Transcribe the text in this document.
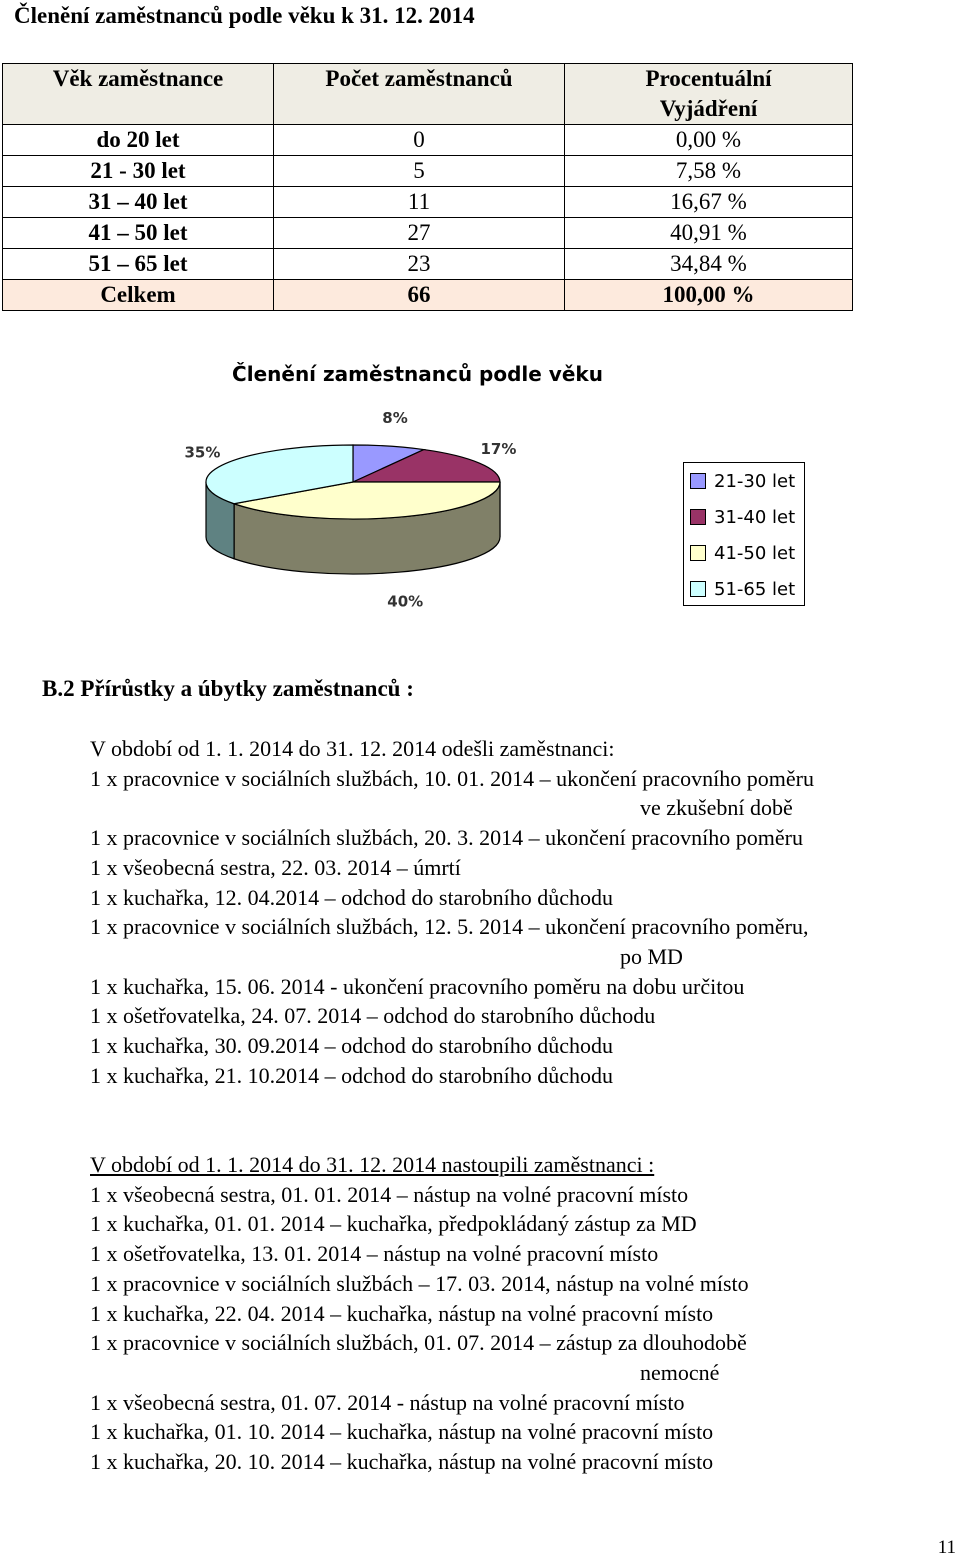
Členění zaměstnanců podle věku k 31. 12. 2014
Věk zaměstnance	Počet zaměstnanců	Procentuální Vyjádření
do 20 let	0	0,00 %
21 - 30 let	5	7,58 %
31 – 40 let	11	16,67 %
41 – 50 let	27	40,91 %
51 – 65 let	23	34,84 %
Celkem	66	100,00 %
Členění zaměstnanců podle věku
8%
17%
40%
35%
21-30 let
31-40 let
41-50 let
51-65 let
B.2 Přírůstky a úbytky zaměstnanců :
V období od 1. 1. 2014 do 31. 12. 2014 odešli zaměstnanci:
1 x pracovnice v sociálních službách, 10. 01. 2014 – ukončení pracovního poměru
ve zkušební době
1 x pracovnice v sociálních službách, 20. 3. 2014 – ukončení pracovního poměru
1 x všeobecná sestra, 22. 03. 2014 – úmrtí
1 x kuchařka, 12. 04.2014 – odchod do starobního důchodu
1 x pracovnice v sociálních službách, 12. 5. 2014 – ukončení pracovního poměru,
po MD
1 x kuchařka, 15. 06. 2014 - ukončení pracovního poměru na dobu určitou
1 x ošetřovatelka, 24. 07. 2014 – odchod do starobního důchodu
1 x kuchařka, 30. 09.2014 – odchod do starobního důchodu
1 x kuchařka, 21. 10.2014 – odchod do starobního důchodu
V období od 1. 1. 2014 do 31. 12. 2014 nastoupili zaměstnanci :
1 x všeobecná sestra, 01. 01. 2014 – nástup na volné pracovní místo
1 x kuchařka, 01. 01. 2014 – kuchařka, předpokládaný zástup za MD
1 x ošetřovatelka, 13. 01. 2014 – nástup na volné pracovní místo
1 x pracovnice v sociálních službách – 17. 03. 2014, nástup na volné místo
1 x kuchařka, 22. 04. 2014 – kuchařka, nástup na volné pracovní místo
1 x pracovnice v sociálních službách, 01. 07. 2014 – zástup za dlouhodobě
nemocné
1 x všeobecná sestra, 01. 07. 2014 - nástup na volné pracovní místo
1 x kuchařka, 01. 10. 2014 – kuchařka, nástup na volné pracovní místo
1 x kuchařka, 20. 10. 2014 – kuchařka, nástup na volné pracovní místo
11
